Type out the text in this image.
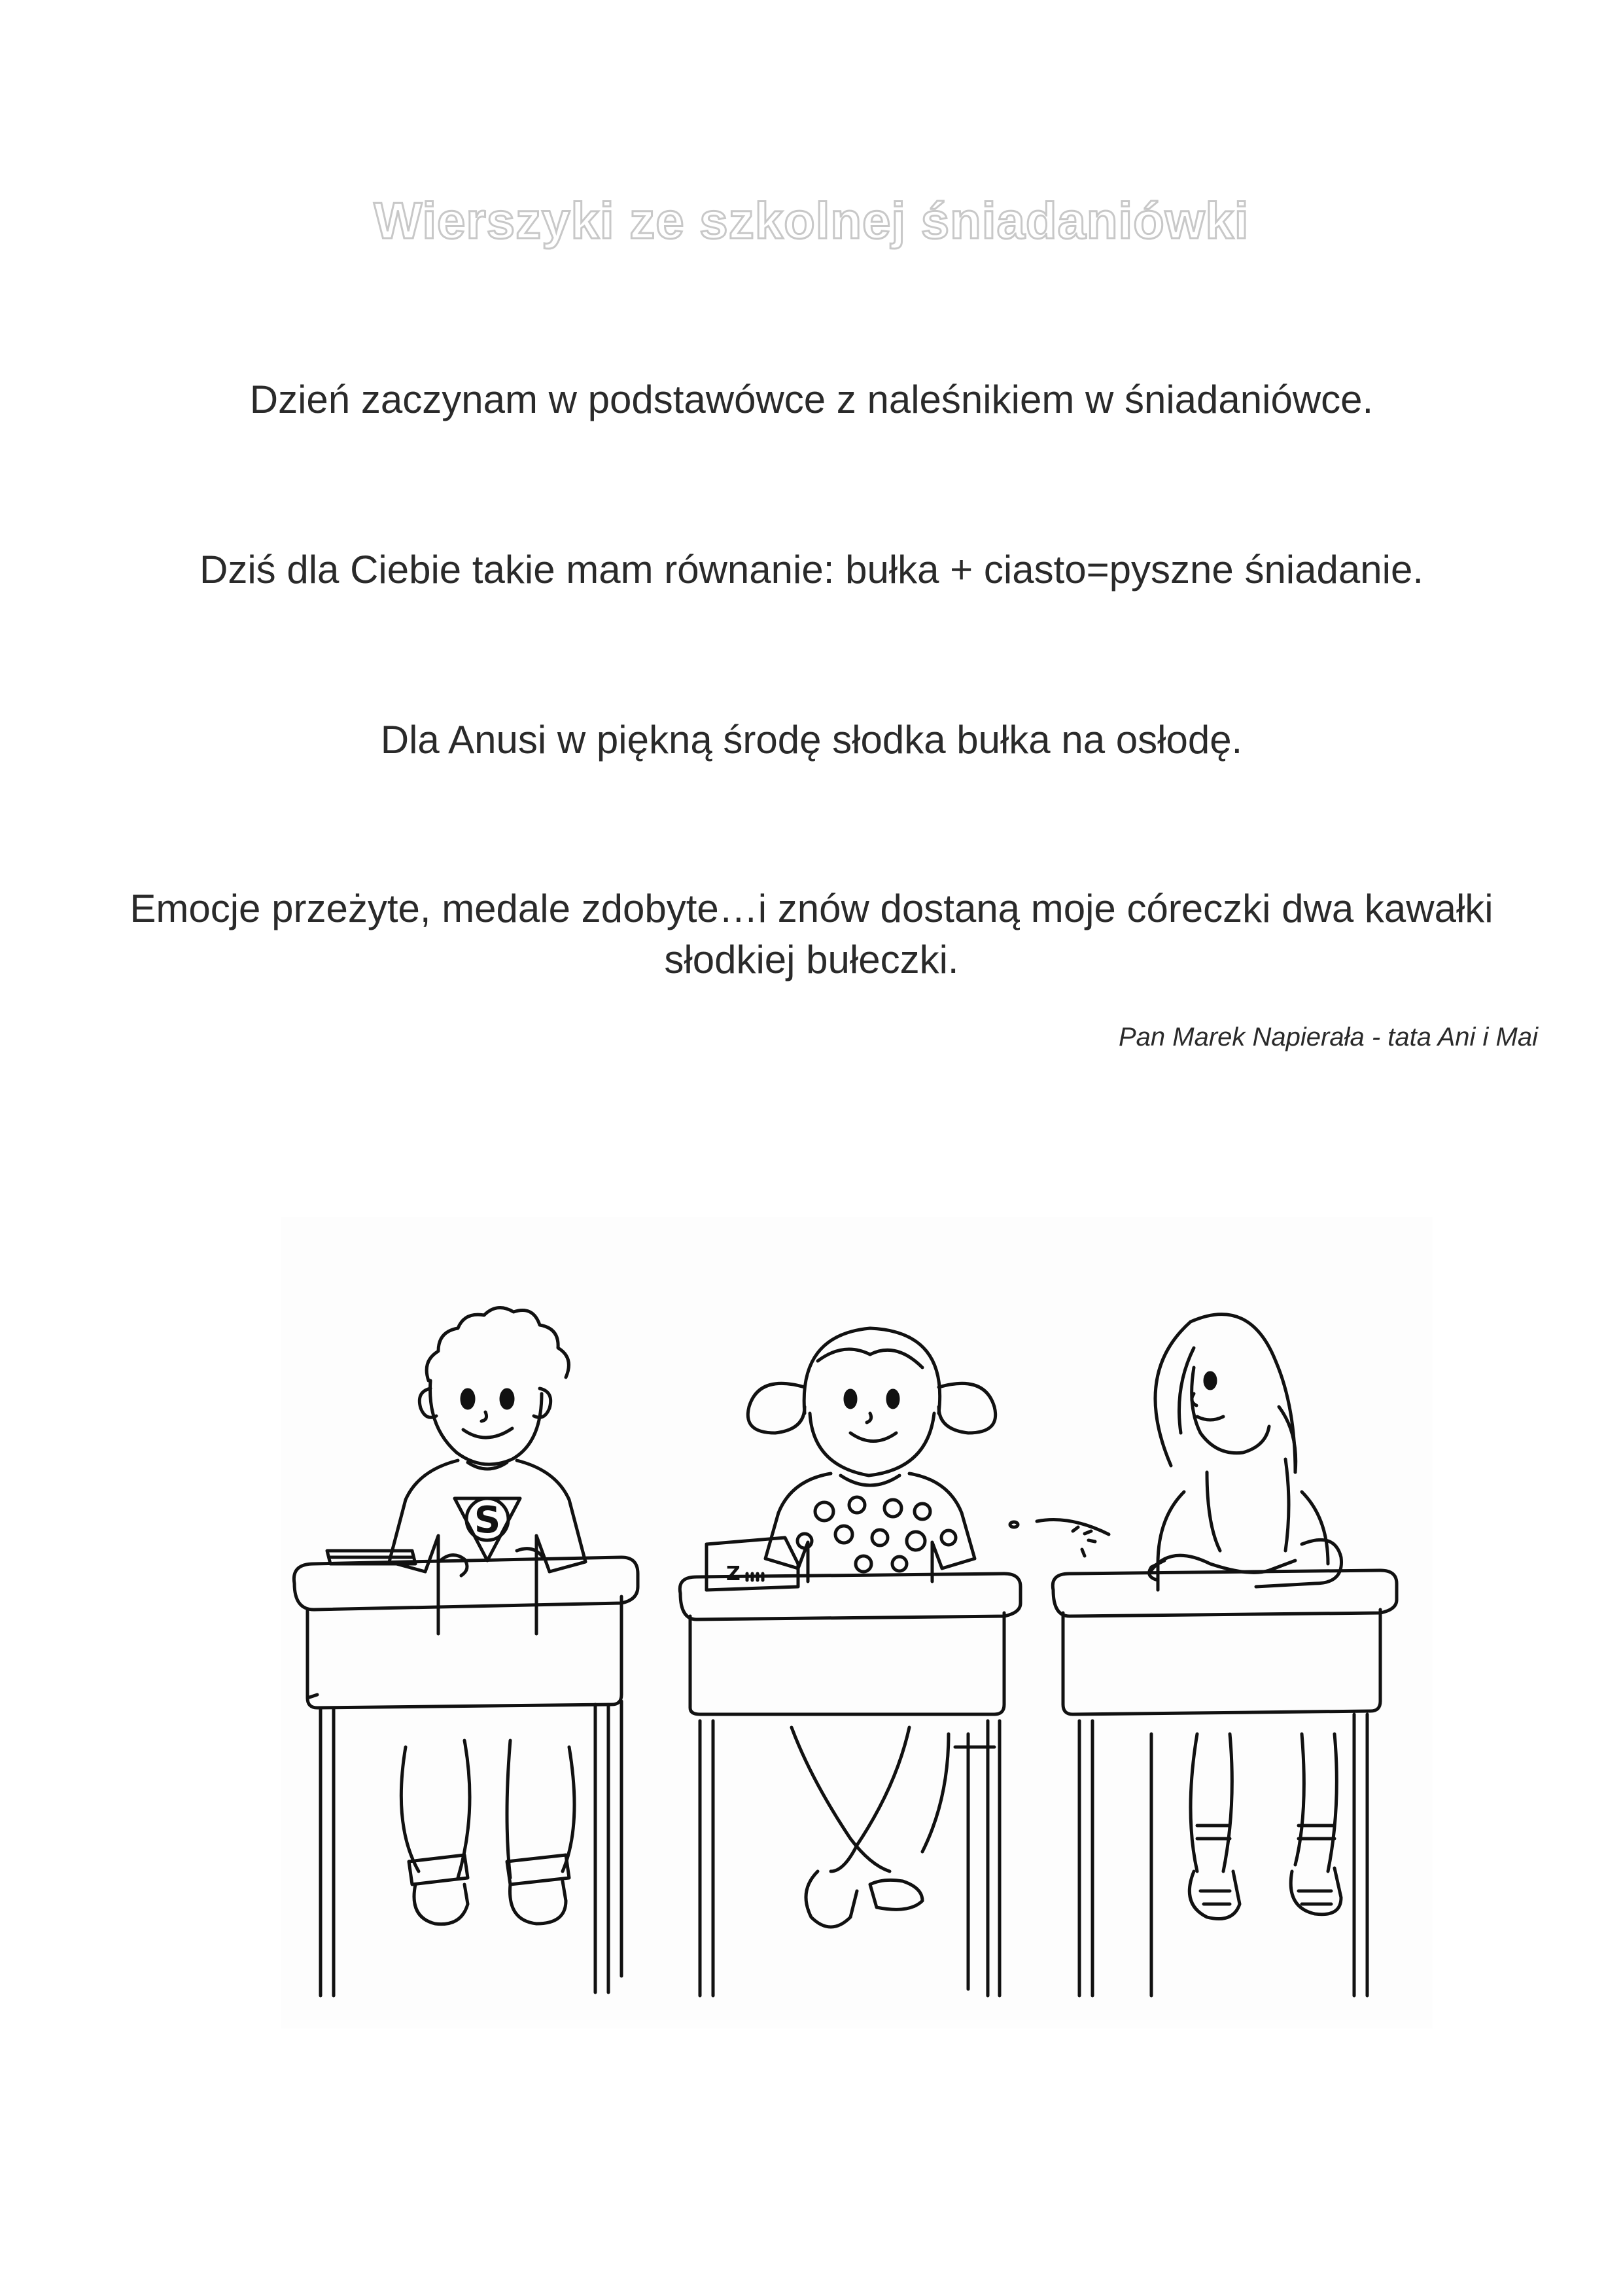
Wierszyki ze szkolnej śniadaniówki
Dzień zaczynam w podstawówce z naleśnikiem w śniadaniówce.
Dziś dla Ciebie takie mam równanie: bułka + ciasto=pyszne śniadanie.
Dla Anusi w piękną środę słodka bułka na osłodę.
Emocje przeżyte, medale zdobyte…i znów dostaną moje córeczki dwa kawałki słodkiej bułeczki.
Pan Marek Napierała - tata Ani i Mai
S
Z
